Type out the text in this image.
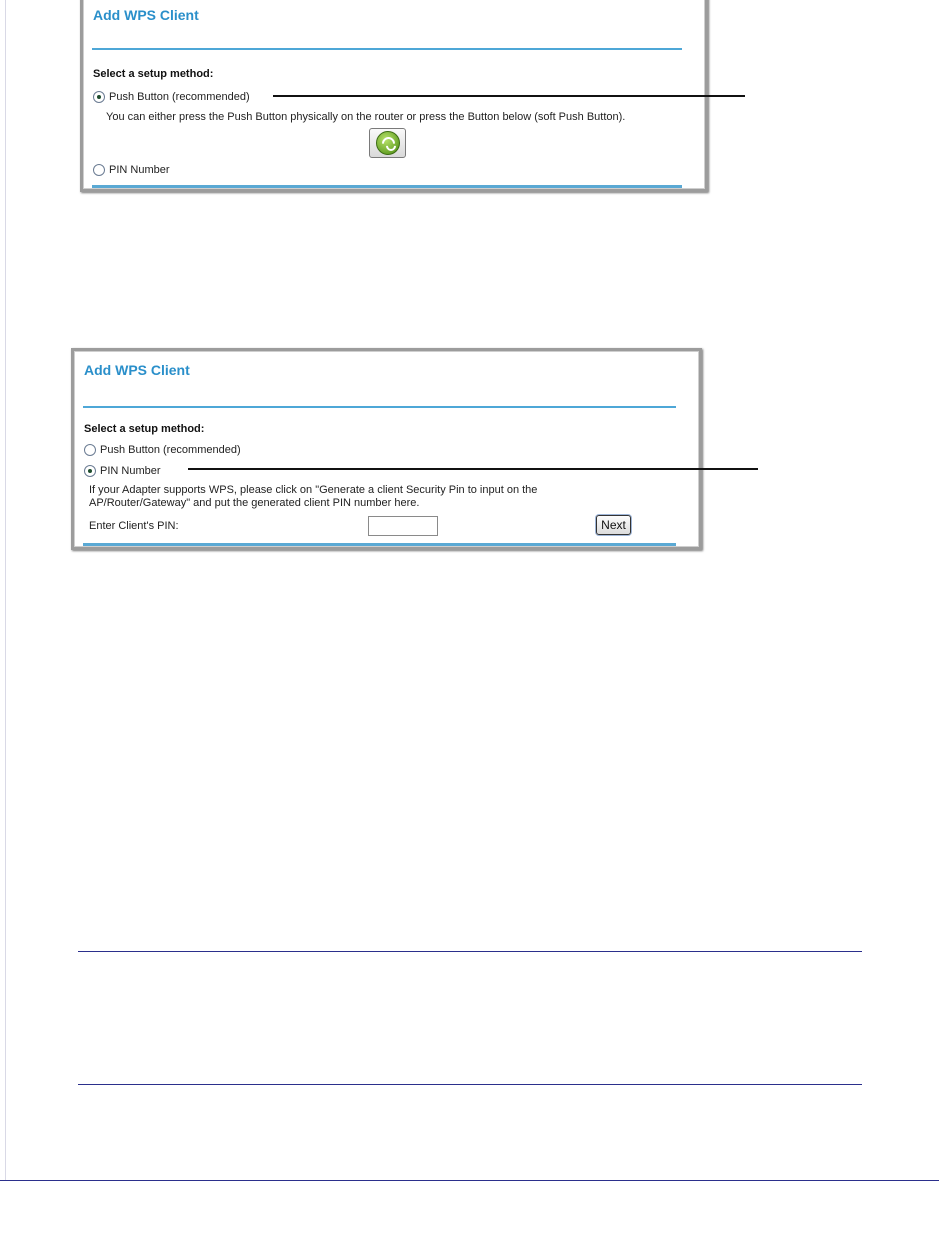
Add WPS Client
Select a setup method:
Push Button (recommended)
You can either press the Push Button physically on the router or press the Button below (soft Push Button).
PIN Number
Add WPS Client
Select a setup method:
Push Button (recommended)
PIN Number
If your Adapter supports WPS, please click on "Generate a client Security Pin to input on the AP/Router/Gateway" and put the generated client PIN number here.
Enter Client's PIN:	Next
